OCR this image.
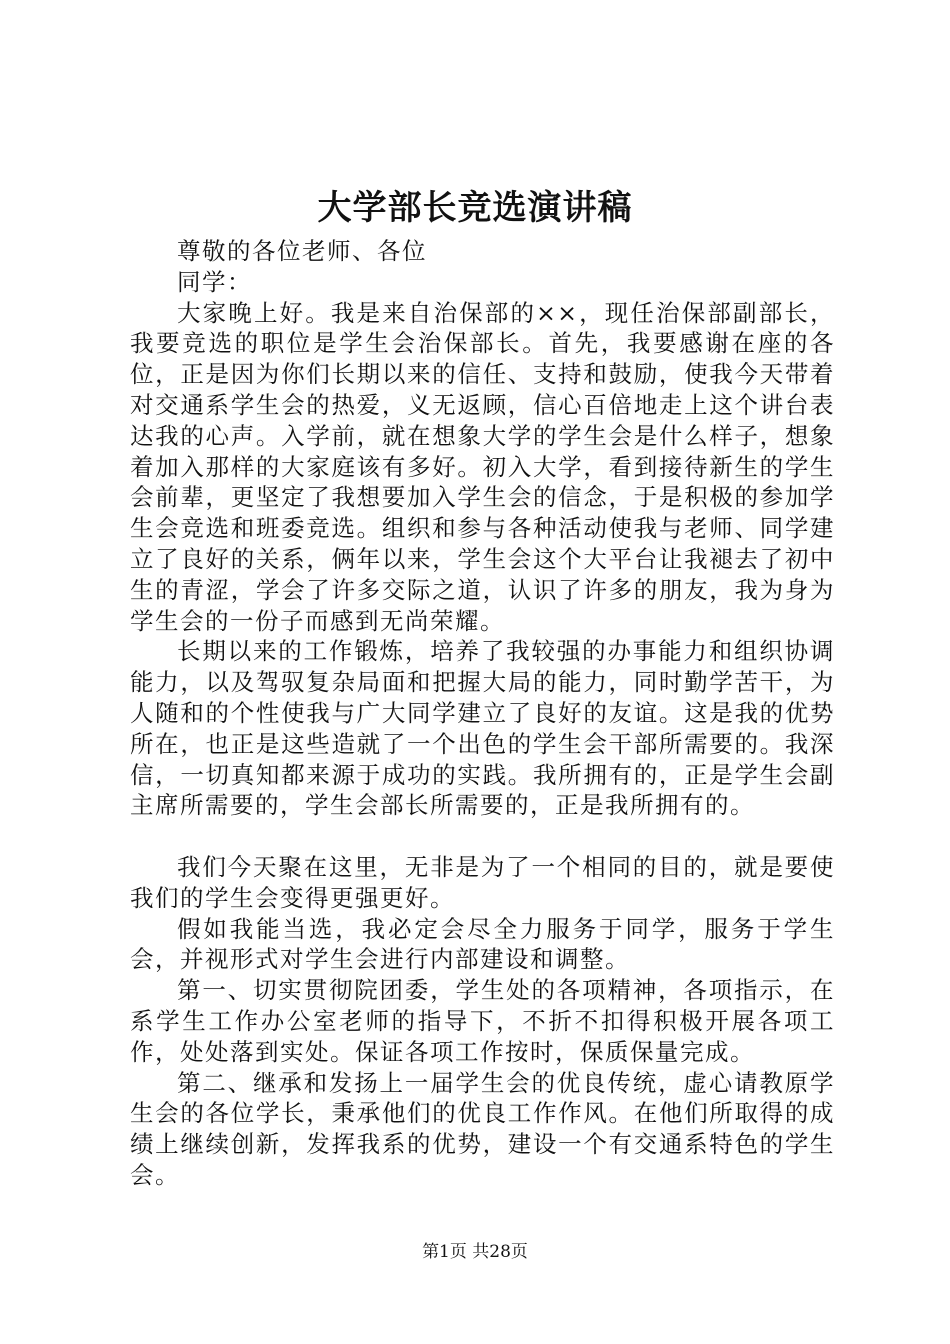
大学部长竞选演讲稿

尊敬的各位老师、各位

同学：

大家晚上好。我是来自治保部的××，现任治保部副部长，我要竞选的职位是学生会治保部长。首先，我要感谢在座的各位，正是因为你们长期以来的信任、支持和鼓励，使我今天带着对交通系学生会的热爱，义无返顾，信心百倍地走上这个讲台表达我的心声。入学前，就在想象大学的学生会是什么样子，想象着加入那样的大家庭该有多好。初入大学，看到接待新生的学生会前辈，更坚定了我想要加入学生会的信念，于是积极的参加学生会竞选和班委竞选。组织和参与各种活动使我与老师、同学建立了良好的关系，俩年以来，学生会这个大平台让我褪去了初中生的青涩，学会了许多交际之道，认识了许多的朋友，我为身为学生会的一份子而感到无尚荣耀。

长期以来的工作锻炼，培养了我较强的办事能力和组织协调能力，以及驾驭复杂局面和把握大局的能力，同时勤学苦干，为人随和的个性使我与广大同学建立了良好的友谊。这是我的优势所在，也正是这些造就了一个出色的学生会干部所需要的。我深信，一切真知都来源于成功的实践。我所拥有的，正是学生会副主席所需要的，学生会部长所需要的，正是我所拥有的。

我们今天聚在这里，无非是为了一个相同的目的，就是要使我们的学生会变得更强更好。

假如我能当选，我必定会尽全力服务于同学，服务于学生会，并视形式对学生会进行内部建设和调整。

第一、切实贯彻院团委，学生处的各项精神，各项指示，在系学生工作办公室老师的指导下，不折不扣得积极开展各项工作，处处落到实处。保证各项工作按时，保质保量完成。

第二、继承和发扬上一届学生会的优良传统，虚心请教原学生会的各位学长，秉承他们的优良工作作风。在他们所取得的成绩上继续创新，发挥我系的优势，建设一个有交通系特色的学生会。

第1页 共28页
